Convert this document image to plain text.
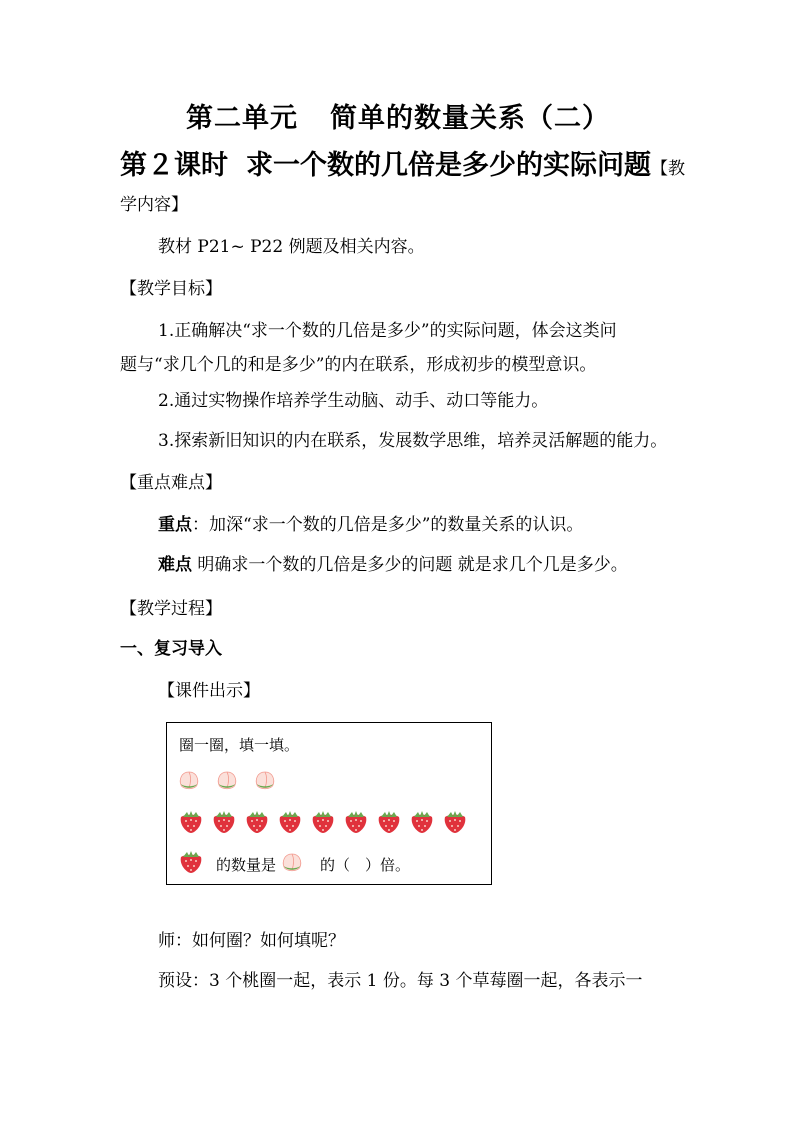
第二单元 简单的数量关系（二）
第２课时 求一个数的几倍是多少的实际问题【教
学内容】
教材 P21~ P22 例题及相关内容。
【教学目标】
1.正确解决“求一个数的几倍是多少”的实际问题，体会这类问
题与“求几个几的和是多少”的内在联系，形成初步的模型意识。
2.通过实物操作培养学生动脑、动手、动口等能力。
3.探索新旧知识的内在联系，发展数学思维，培养灵活解题的能力。
【重点难点】
重点：加深“求一个数的几倍是多少”的数量关系的认识。
难点 明确求一个数的几倍是多少的问题 就是求几个几是多少。
【教学过程】
一、复习导入
【课件出示】
圈一圈，填一填。
的数量是	的（　）倍。
师：如何圈？如何填呢？
预设：3 个桃圈一起，表示 1 份。每 3 个草莓圈一起，各表示一
